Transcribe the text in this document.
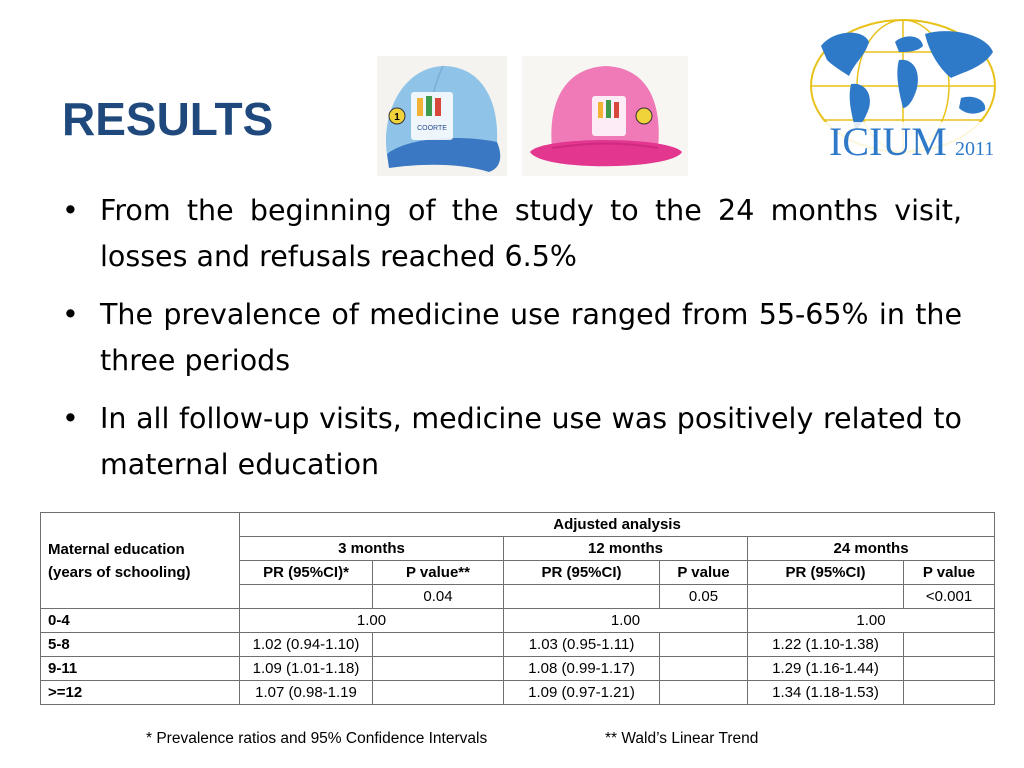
RESULTS	COORTE
1
ICIUM 2011
• From the beginning of the study to the 24 months visit, losses and refusals reached 6.5%
• The prevalence of medicine use ranged from 55-65% in the three periods
• In all follow-up visits, medicine use was positively related to maternal education
Maternal education
(years of schooling)	Adjusted analysis					
	3 months		12 months		24 months	
	PR (95%CI)*	P value**	PR (95%CI)	P value	PR (95%CI)	P value
		0.04		0.05		<0.001
0-4	1.00		1.00		1.00	
5-8	1.02 (0.94-1.10)		1.03 (0.95-1.11)		1.22 (1.10-1.38)	
9-11	1.09 (1.01-1.18)		1.08 (0.99-1.17)		1.29 (1.16-1.44)	
>=12	1.07 (0.98-1.19		1.09 (0.97-1.21)		1.34 (1.18-1.53)	
* Prevalence ratios and 95% Confidence Intervals	** Wald’s Linear Trend
